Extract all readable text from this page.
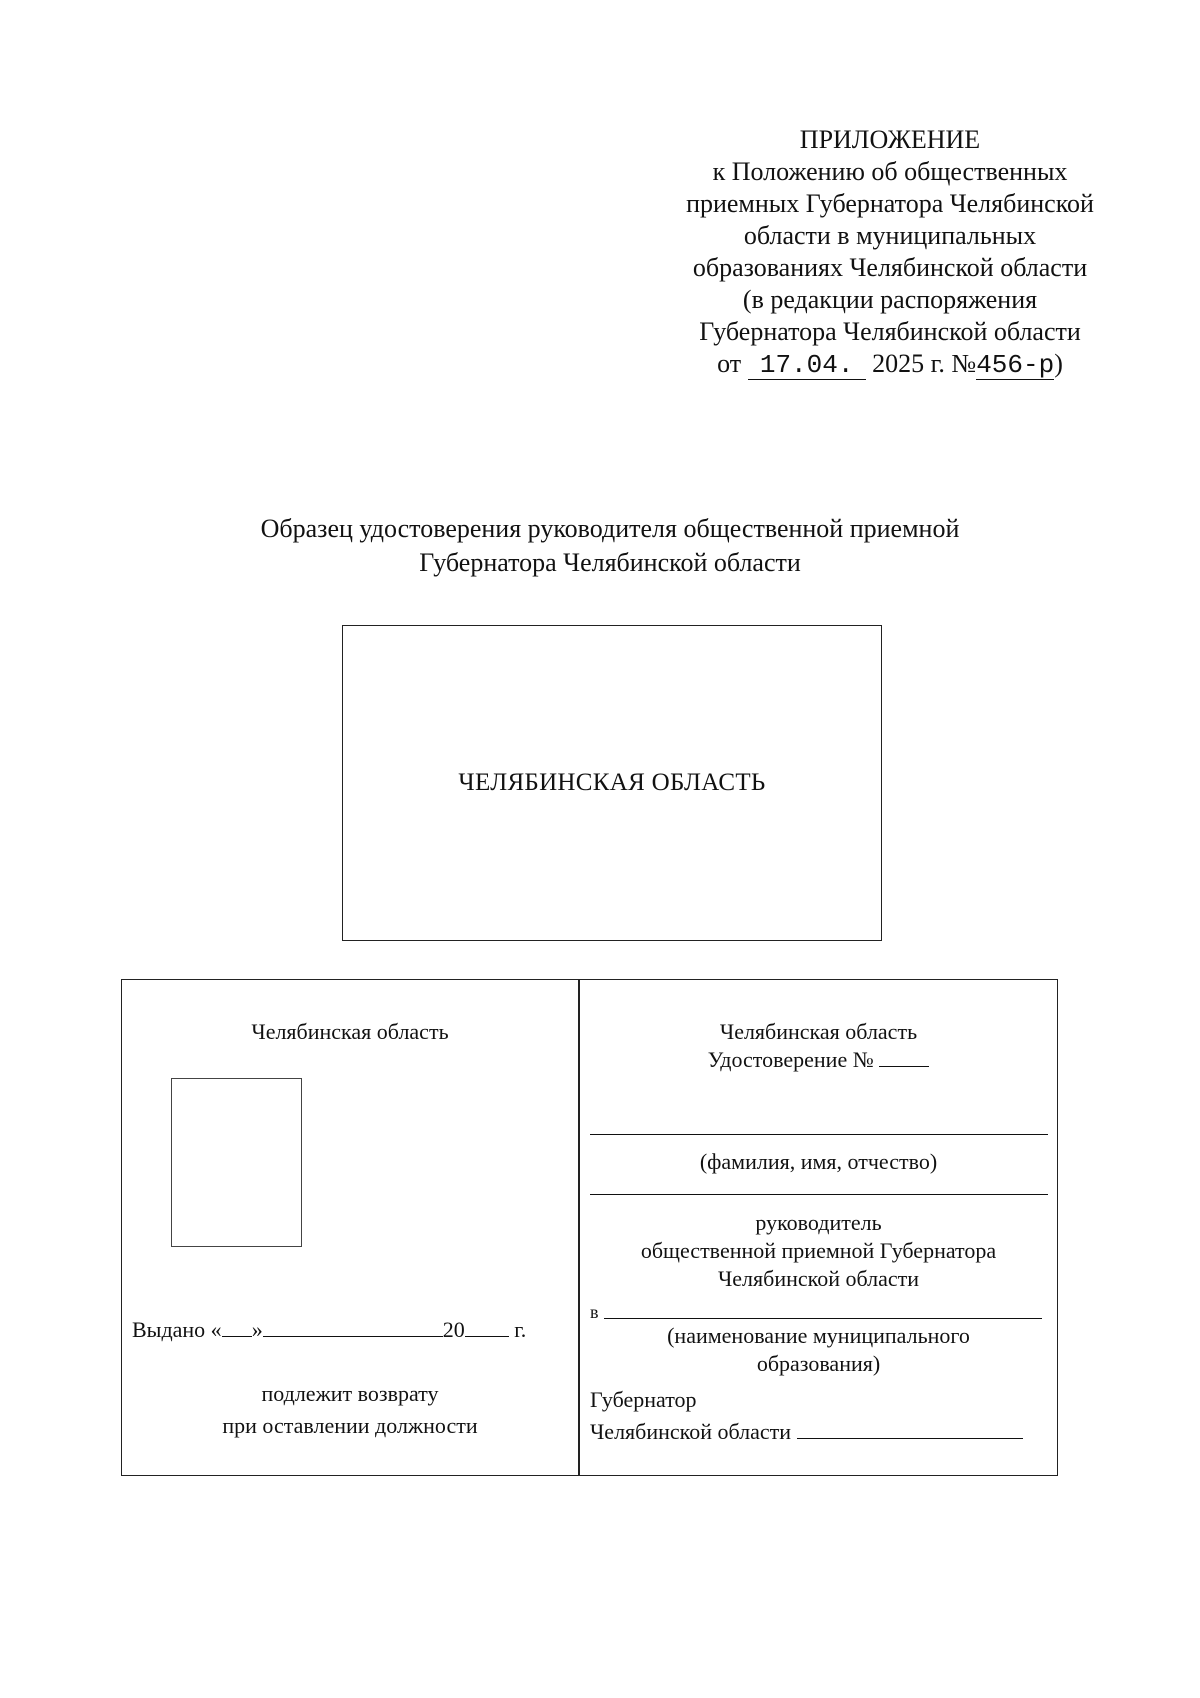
ПРИЛОЖЕНИЕ
к Положению об общественных
приемных Губернатора Челябинской
области в муниципальных
образованиях Челябинской области
(в редакции распоряжения
Губернатора Челябинской области
от 17.04. 2025 г. №456-р)
Образец удостоверения руководителя общественной приемной
Губернатора Челябинской области
ЧЕЛЯБИНСКАЯ ОБЛАСТЬ
Челябинская область
Выдано « »	20 г.
подлежит возврату
при оставлении должности
Челябинская область
Удостоверение №
(фамилия, имя, отчество)
руководитель
общественной приемной Губернатора
Челябинской области
в
(наименование муниципального
образования)
Губернатор
Челябинской области
